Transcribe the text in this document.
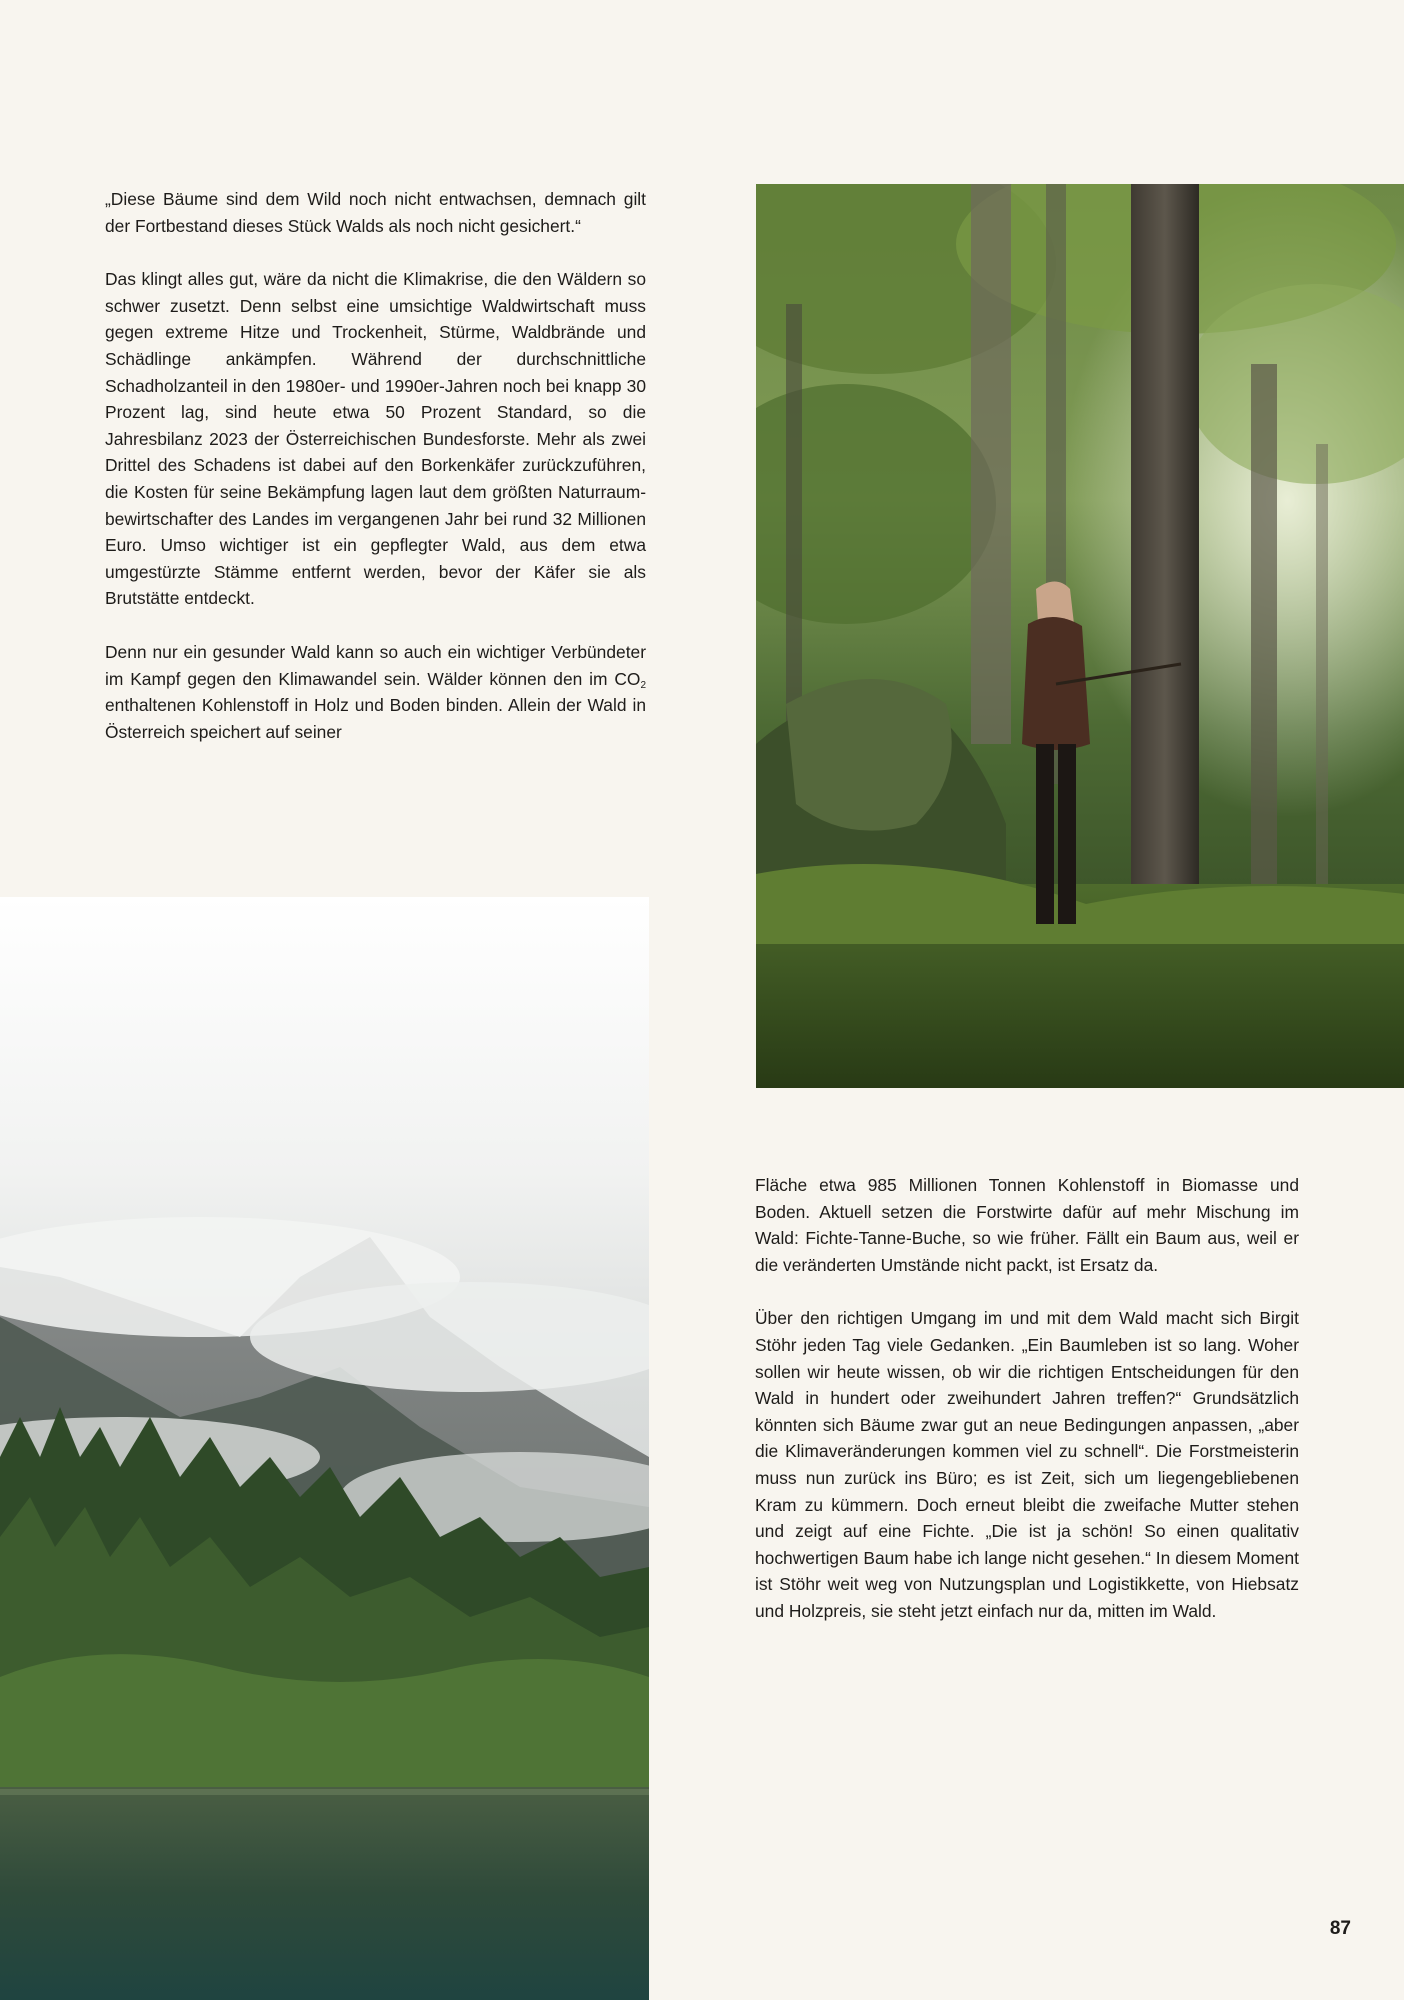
„Diese Bäume sind dem Wild noch nicht entwachsen, demnach gilt der Fortbestand dieses Stück Walds als noch nicht gesichert.“

Das klingt alles gut, wäre da nicht die Klimakrise, die den Wäldern so schwer zusetzt. Denn selbst eine umsichtige Waldwirtschaft muss gegen extreme Hitze und Trockenheit, Stürme, Waldbrände und Schädlinge ankämpfen. Während der durchschnittliche Schadholzanteil in den 1980er- und 1990er-Jahren noch bei knapp 30 Prozent lag, sind heute etwa 50 Prozent Standard, so die Jahresbilanz 2023 der Österreichischen Bundesforste. Mehr als zwei Drittel des Schadens ist dabei auf den Borkenkäfer zurückzuführen, die Kosten für seine Bekämpfung lagen laut dem größten Naturraumbewirtschafter des Landes im vergangenen Jahr bei rund 32 Millionen Euro. Umso wichtiger ist ein gepflegter Wald, aus dem etwa umgestürzte Stämme entfernt werden, bevor der Käfer sie als Brutstätte entdeckt.

Denn nur ein gesunder Wald kann so auch ein wichtiger Verbündeter im Kampf gegen den Klimawandel sein. Wälder können den im $CO_2$ enthaltenen Kohlenstoff in Holz und Boden binden. Allein der Wald in Österreich speichert auf seiner

Fläche etwa 985 Millionen Tonnen Kohlenstoff in Biomasse und Boden. Aktuell setzen die Forstwirte dafür auf mehr Mischung im Wald: Fichte-Tanne-Buche, so wie früher. Fällt ein Baum aus, weil er die veränderten Umstände nicht packt, ist Ersatz da.

Über den richtigen Umgang im und mit dem Wald macht sich Birgit Stöhr jeden Tag viele Gedanken. „Ein Baumleben ist so lang. Woher sollen wir heute wissen, ob wir die richtigen Entscheidungen für den Wald in hundert oder zweihundert Jahren treffen?“ Grundsätzlich könnten sich Bäume zwar gut an neue Bedingungen anpassen, „aber die Klimaveränderungen kommen viel zu schnell“. Die Forstmeisterin muss nun zurück ins Büro; es ist Zeit, sich um liegengebliebenen Kram zu kümmern. Doch erneut bleibt die zweifache Mutter stehen und zeigt auf eine Fichte. „Die ist ja schön! So einen qualitativ hochwertigen Baum habe ich lange nicht gesehen.“ In diesem Moment ist Stöhr weit weg von Nutzungsplan und Logistikkette, von Hiebsatz und Holzpreis, sie steht jetzt einfach nur da, mitten im Wald.

87
